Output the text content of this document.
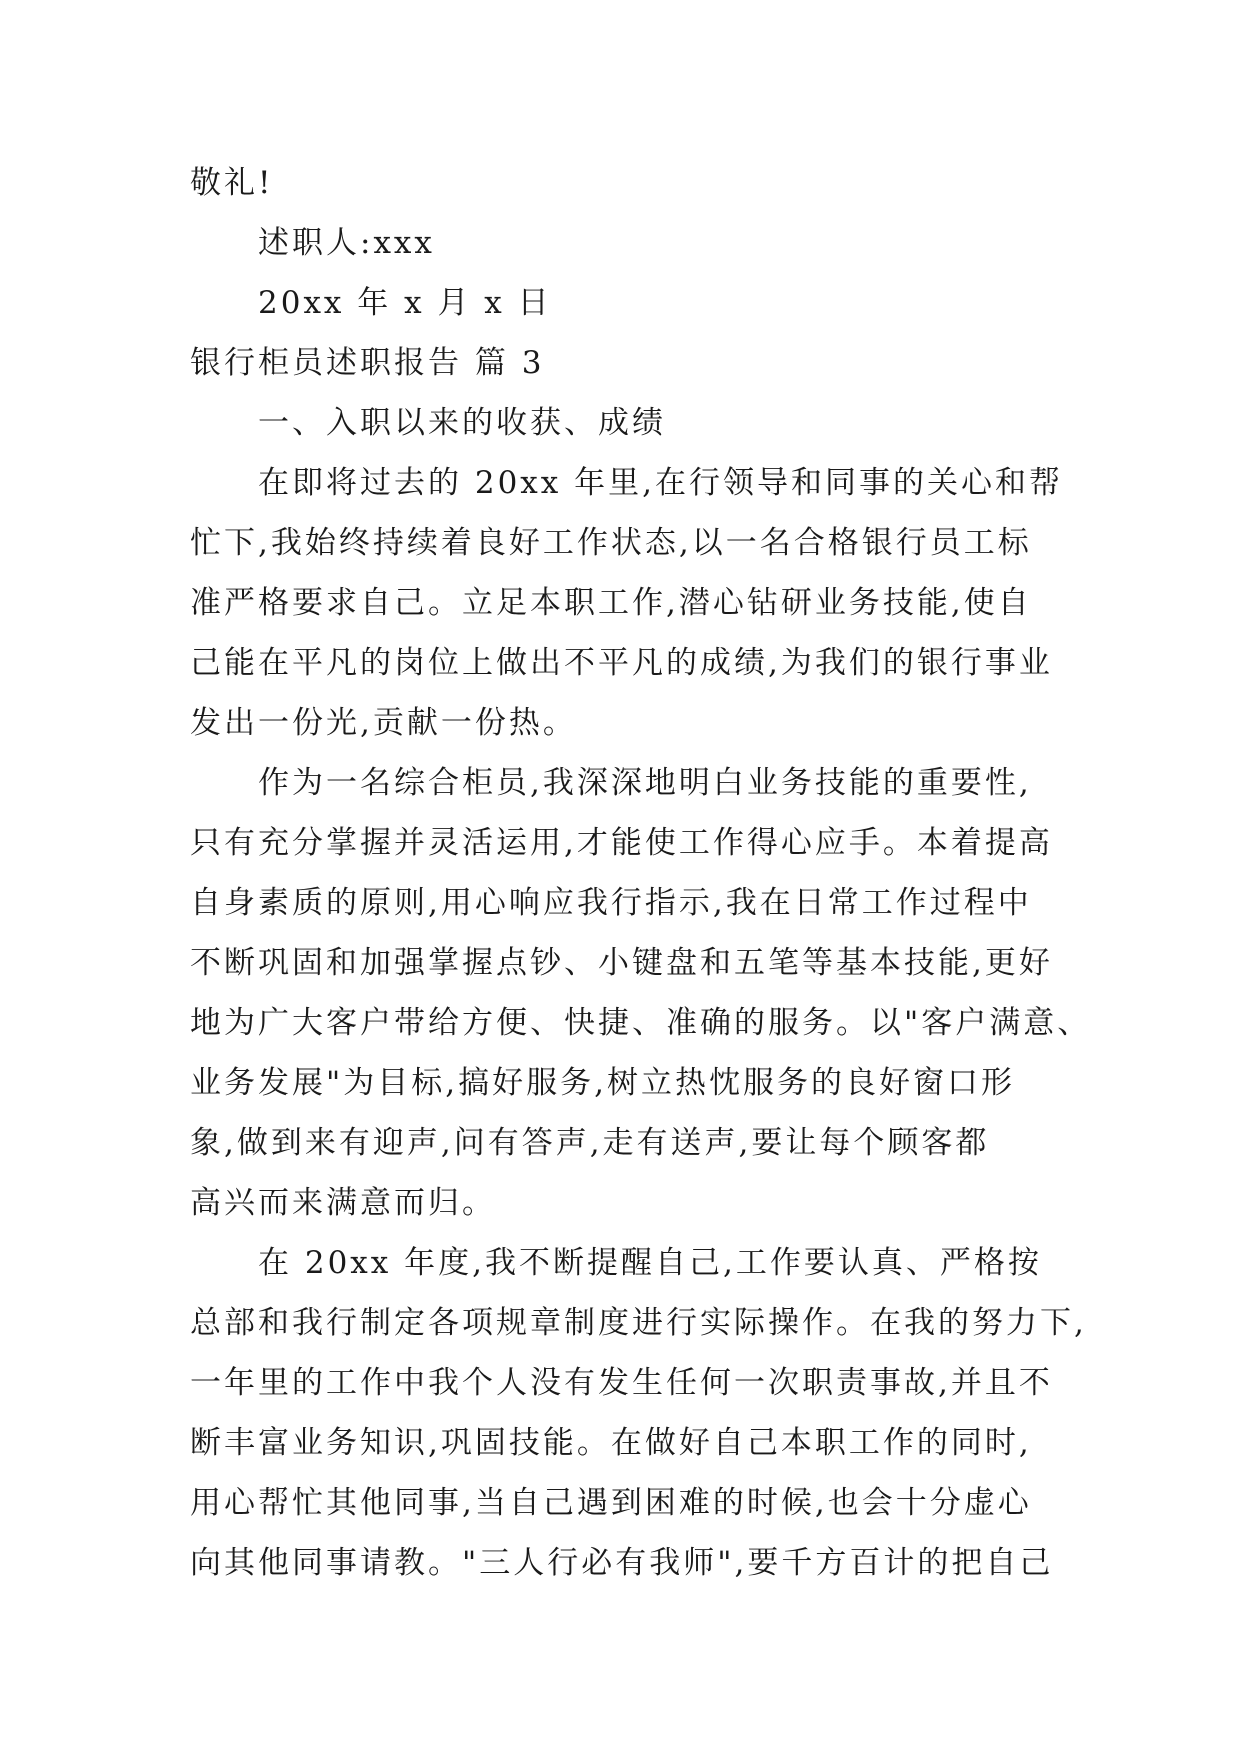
敬礼!
述职人:xxx
20xx 年 x 月 x 日
银行柜员述职报告 篇 3
一、入职以来的收获、成绩
在即将过去的 20xx 年里,在行领导和同事的关心和帮
忙下,我始终持续着良好工作状态,以一名合格银行员工标
准严格要求自己。立足本职工作,潜心钻研业务技能,使自
己能在平凡的岗位上做出不平凡的成绩,为我们的银行事业
发出一份光,贡献一份热。
作为一名综合柜员,我深深地明白业务技能的重要性,
只有充分掌握并灵活运用,才能使工作得心应手。本着提高
自身素质的原则,用心响应我行指示,我在日常工作过程中
不断巩固和加强掌握点钞、小键盘和五笔等基本技能,更好
地为广大客户带给方便、快捷、准确的服务。以"客户满意、
业务发展"为目标,搞好服务,树立热忱服务的良好窗口形
象,做到来有迎声,问有答声,走有送声,要让每个顾客都
高兴而来满意而归。
在 20xx 年度,我不断提醒自己,工作要认真、严格按
总部和我行制定各项规章制度进行实际操作。在我的努力下,
一年里的工作中我个人没有发生任何一次职责事故,并且不
断丰富业务知识,巩固技能。在做好自己本职工作的同时,
用心帮忙其他同事,当自己遇到困难的时候,也会十分虚心
向其他同事请教。"三人行必有我师",要千方百计的把自己
